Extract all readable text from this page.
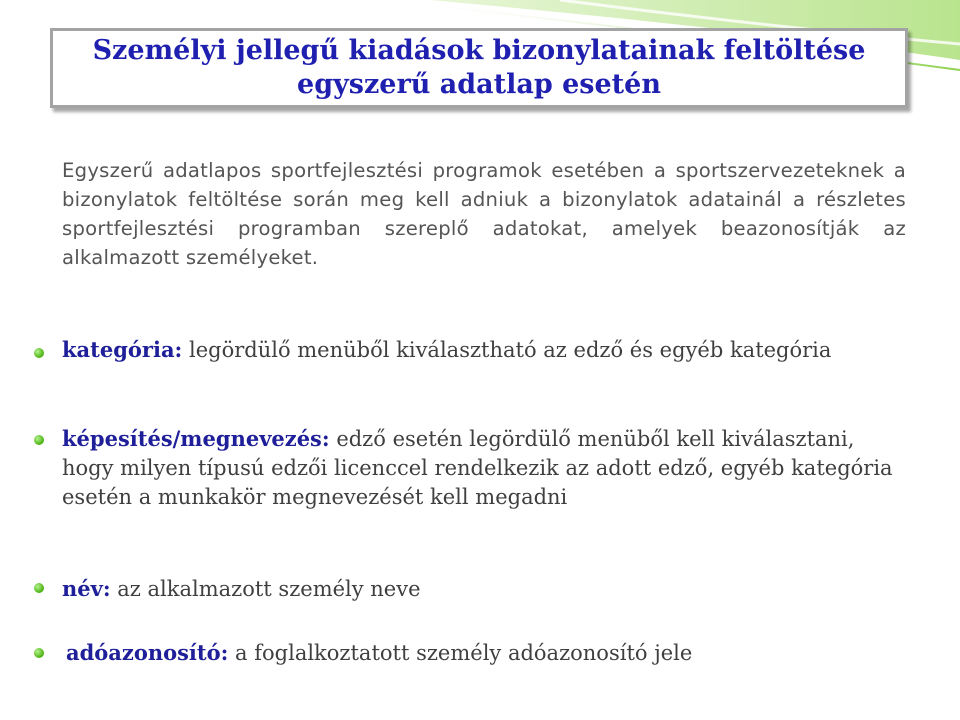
Személyi jellegű kiadások bizonylatainak feltöltése
egyszerű adatlap esetén
Egyszerű adatlapos sportfejlesztési programok esetében a sportszervezeteknek a bizonylatok feltöltése során meg kell adniuk a bizonylatok adatainál a részletes sportfejlesztési programban szereplő adatokat, amelyek beazonosítják az alkalmazott személyeket.
kategória: legördülő menüből kiválasztható az edző és egyéb kategória
képesítés/megnevezés: edző esetén legördülő menüből kell kiválasztani, hogy milyen típusú edzői licenccel rendelkezik az adott edző, egyéb kategória esetén a munkakör megnevezését kell megadni
név: az alkalmazott személy neve
adóazonosító: a foglalkoztatott személy adóazonosító jele
